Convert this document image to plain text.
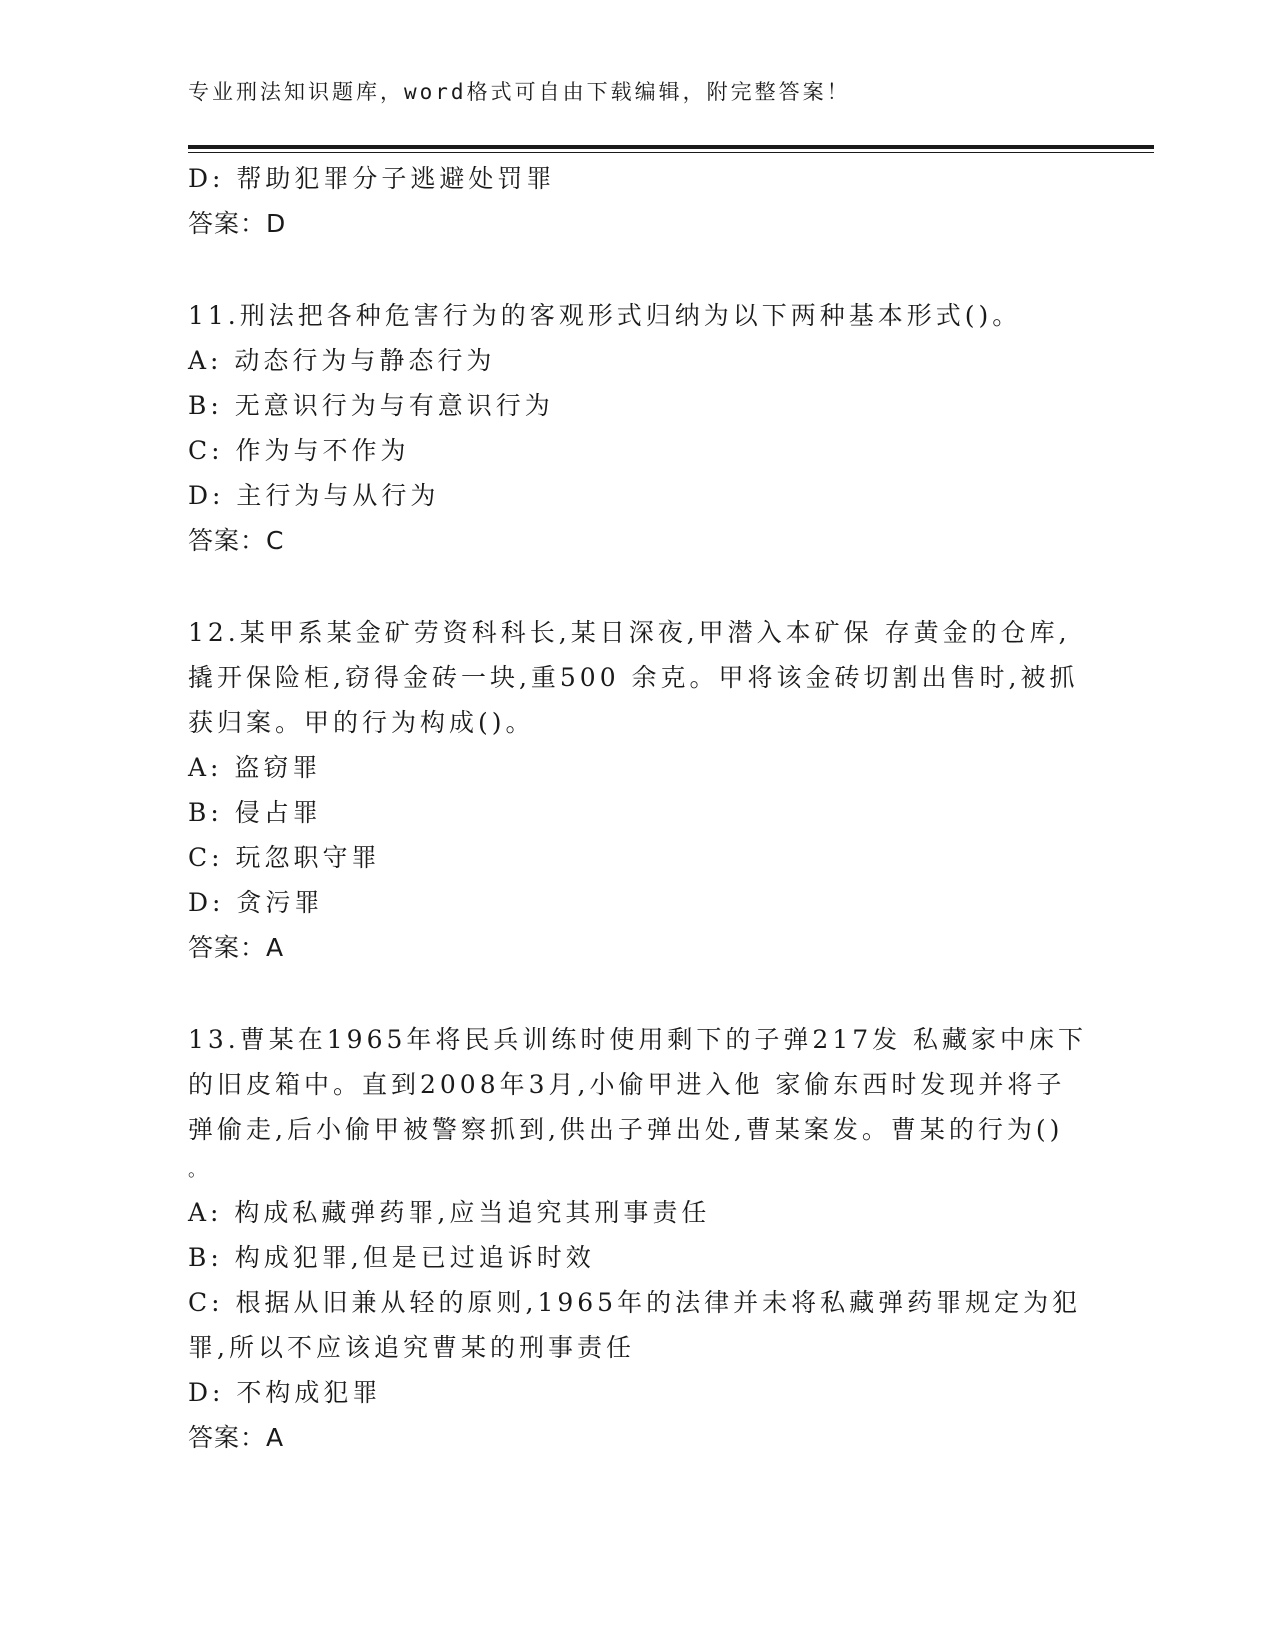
专业刑法知识题库，word格式可自由下载编辑，附完整答案！
D: 帮助犯罪分子逃避处罚罪
答案：D
11.刑法把各种危害行为的客观形式归纳为以下两种基本形式()。
A: 动态行为与静态行为
B: 无意识行为与有意识行为
C: 作为与不作为
D: 主行为与从行为
答案：C
12.某甲系某金矿劳资科科长,某日深夜,甲潜入本矿保 存黄金的仓库,
撬开保险柜,窃得金砖一块,重500 余克。甲将该金砖切割出售时,被抓
获归案。甲的行为构成()。
A: 盗窃罪
B: 侵占罪
C: 玩忽职守罪
D: 贪污罪
答案：A
13.曹某在1965年将民兵训练时使用剩下的子弹217发 私藏家中床下
的旧皮箱中。直到2008年3月,小偷甲进入他 家偷东西时发现并将子
弹偷走,后小偷甲被警察抓到,供出子弹出处,曹某案发。曹某的行为()
。
A: 构成私藏弹药罪,应当追究其刑事责任
B: 构成犯罪,但是已过追诉时效
C: 根据从旧兼从轻的原则,1965年的法律并未将私藏弹药罪规定为犯
罪,所以不应该追究曹某的刑事责任
D: 不构成犯罪
答案：A
